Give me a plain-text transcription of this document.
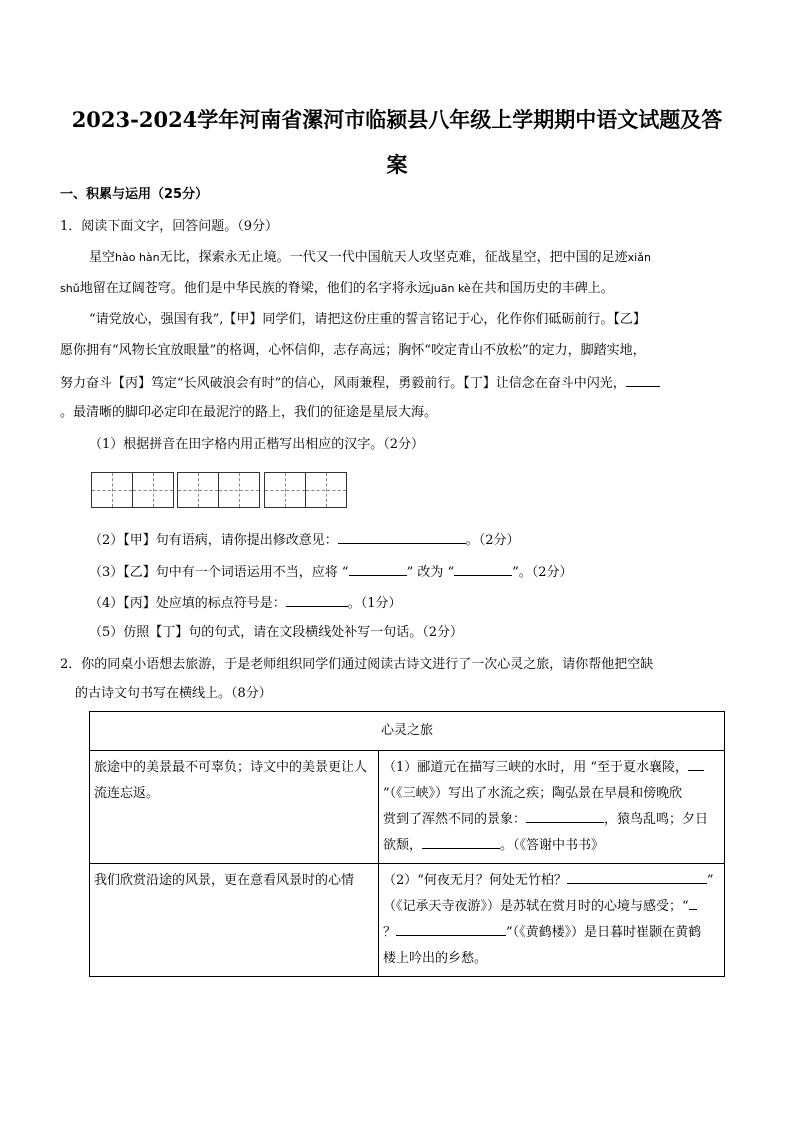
2023-2024学年河南省漯河市临颍县八年级上学期期中语文试题及答
案
一、积累与运用（25分）
1．阅读下面文字，回答问题。（9分）
星空hào hàn无比，探索永无止境。一代又一代中国航天人攻坚克难，征战星空，把中国的足迹xiǎn
shǔ地留在辽阔苍穹。他们是中华民族的脊梁，他们的名字将永远juān kè在共和国历史的丰碑上。
“请党放心，强国有我”,【甲】同学们，请把这份庄重的誓言铭记于心，化作你们砥砺前行。【乙】
愿你拥有“风物长宜放眼量”的格调，心怀信仰，志存高远；胸怀“咬定青山不放松”的定力，脚踏实地，
努力奋斗【丙】笃定“长风破浪会有时”的信心，风雨兼程，勇毅前行。【丁】让信念在奋斗中闪光，
。最清晰的脚印必定印在最泥泞的路上，我们的征途是星辰大海。
（1）根据拼音在田字格内用正楷写出相应的汉字。（2分）
（2）【甲】句有语病，请你提出修改意见：	。（2分）
（3）【乙】句中有一个词语运用不当，应将 “	” 改为 “	”。（2分）
（4）【丙】处应填的标点符号是：	。（1分）
（5）仿照【丁】句的句式，请在文段横线处补写一句话。（2分）
2．你的同桌小语想去旅游，于是老师组织同学们通过阅读古诗文进行了一次心灵之旅，请你帮他把空缺
的古诗文句书写在横线上。（8分）
心灵之旅	
旅途中的美景最不可辜负；诗文中的美景更让人流连忘返。	（1）郦道元在描写三峡的水时，用 “至于夏水襄陵，
”（《三峡》）写出了水流之疾；陶弘景在早晨和傍晚欣
赏到了浑然不同的景象： ，猿鸟乱鸣；夕日
欲颓， 。（《答谢中书书》

我们欣赏沿途的风景，更在意看风景时的心情	（2）“何夜无月？何处无竹柏？ ”
（《记承天寺夜游》）是苏轼在赏月时的心境与感受；“
？ ”（《黄鹤楼》）是日暮时崔颢在黄鹤
楼上吟出的乡愁。
